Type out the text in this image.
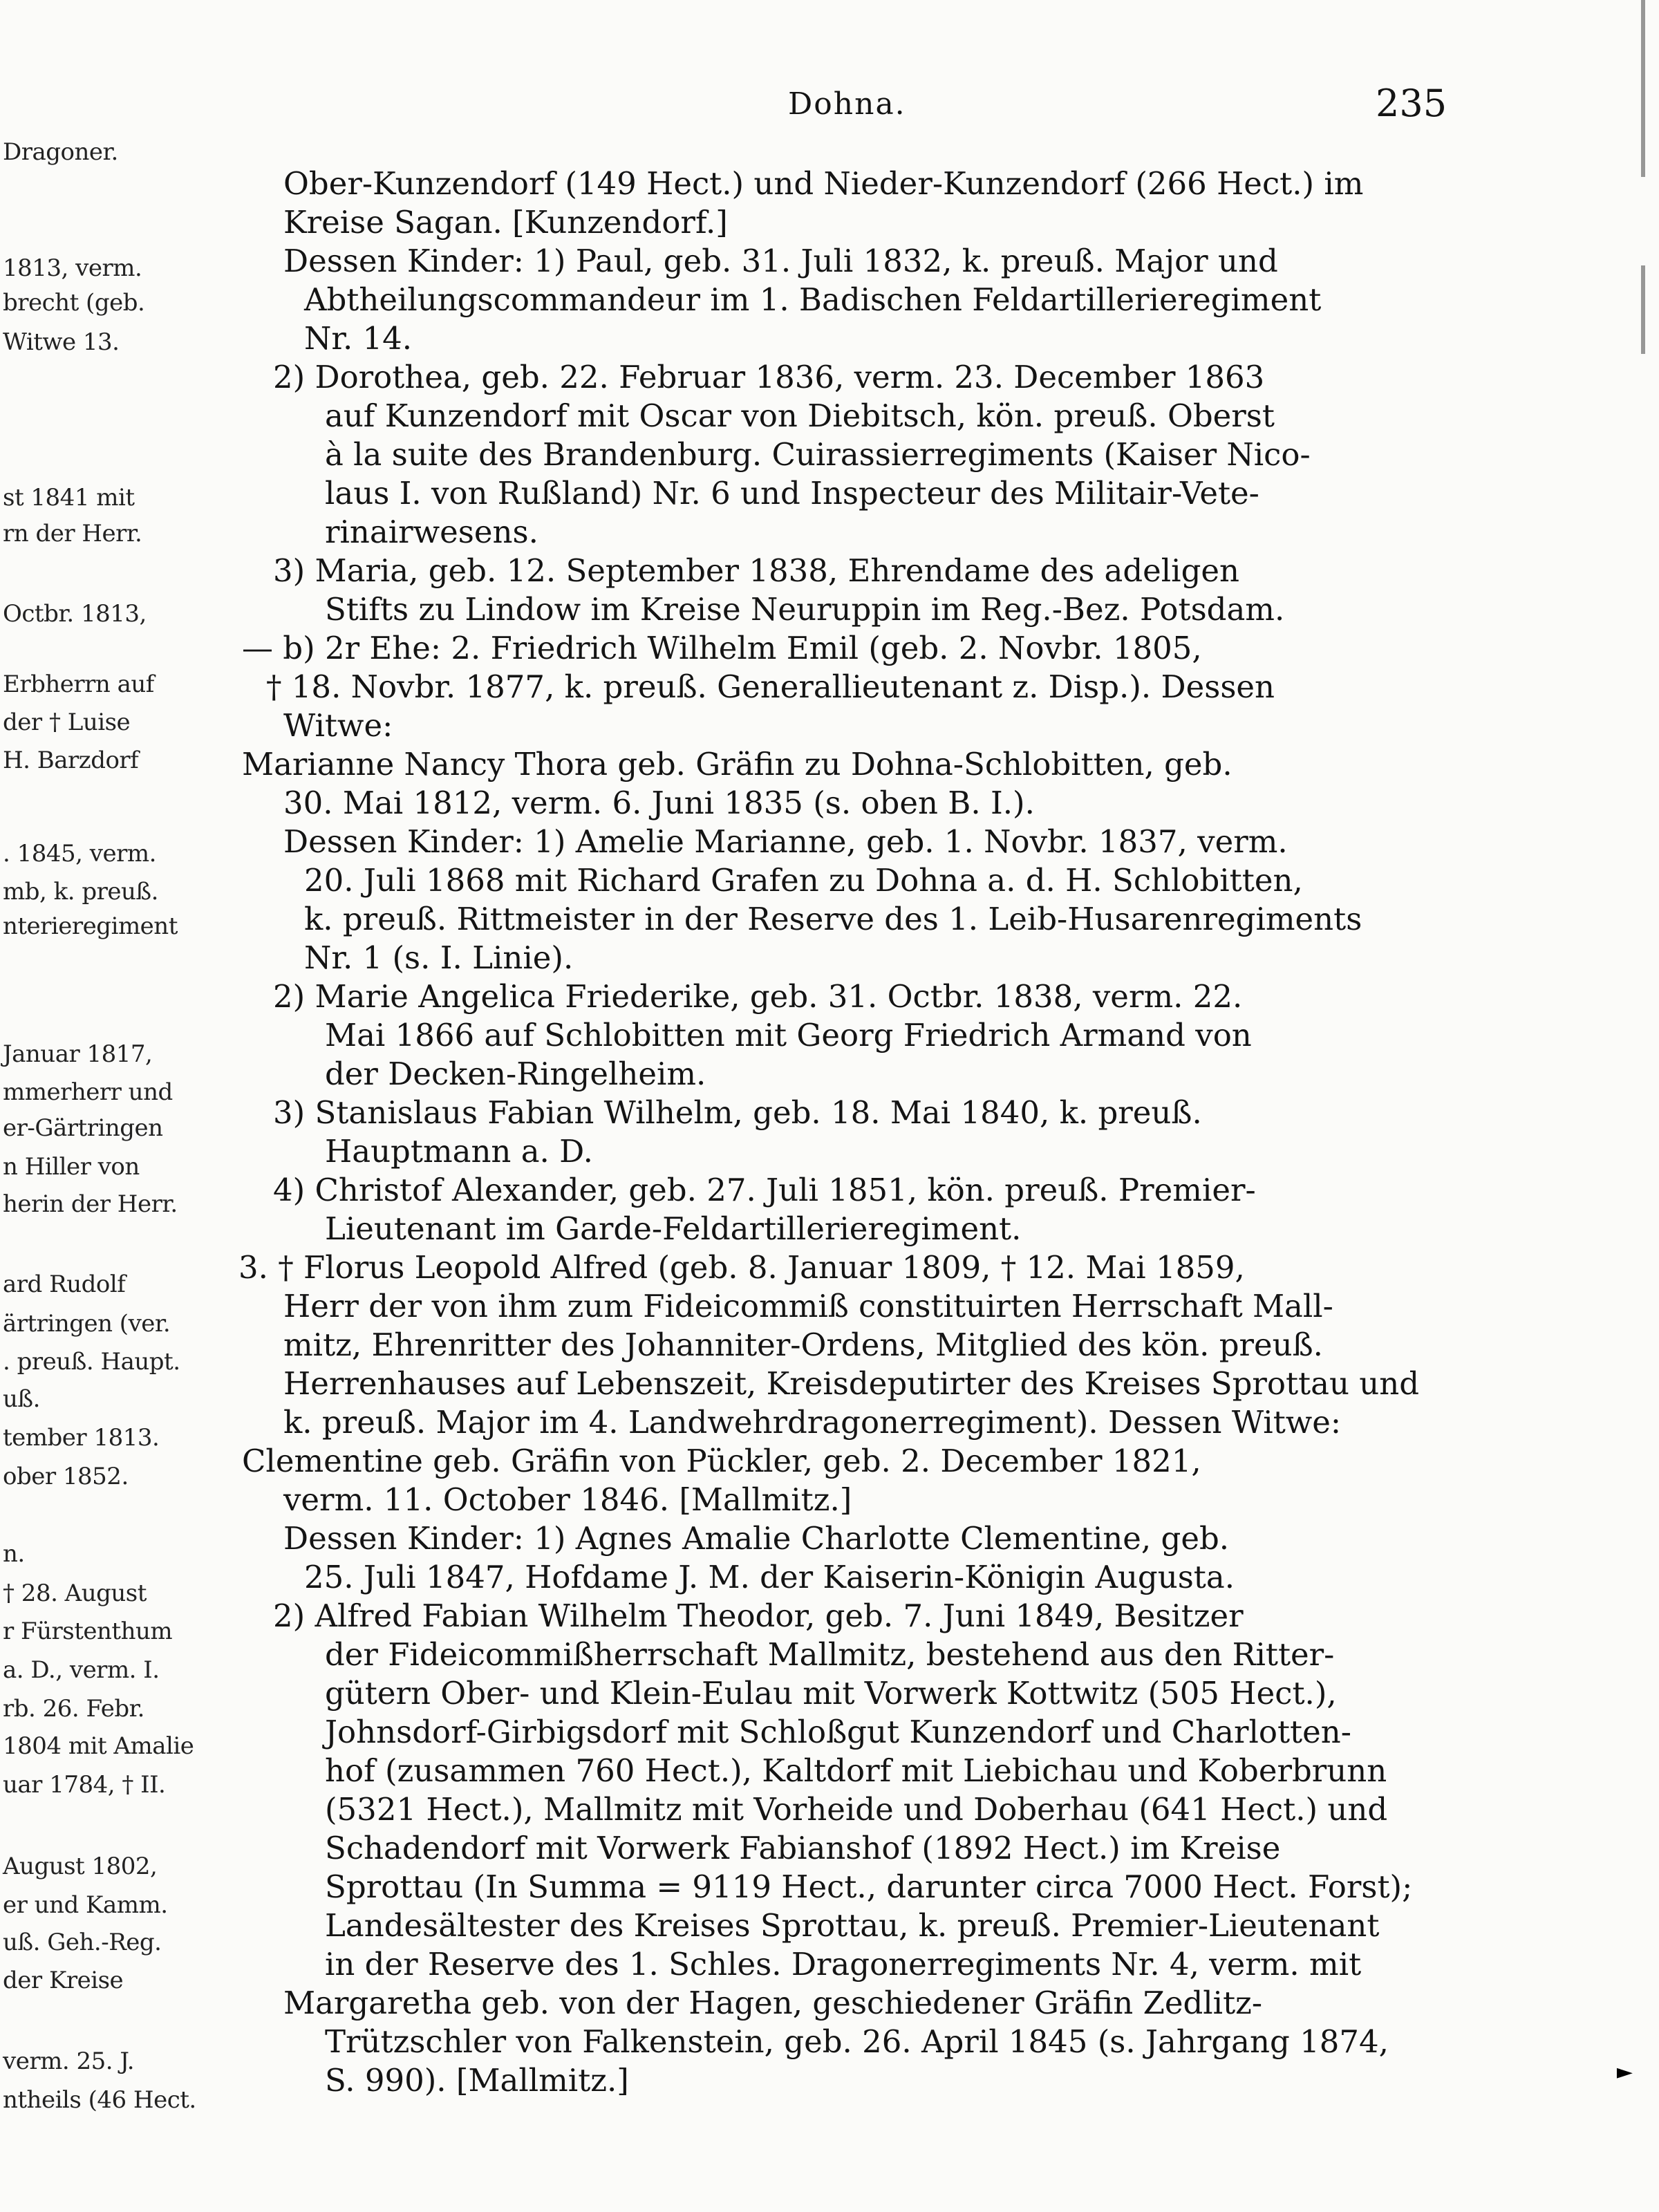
Dragoner.
1813, verm.
brecht (geb.
Witwe 13.
st 1841 mit
rn der Herr.
Octbr. 1813,
Erbherrn auf
der † Luise
H. Barzdorf
. 1845, verm.
mb, k. preuß.
nterieregiment
Januar 1817,
mmerherr und
er-Gärtringen
n Hiller von
herin der Herr.
ard Rudolf
ärtringen (ver.
. preuß. Haupt.
uß.
tember 1813.
ober 1852.
n.
† 28. August
r Fürstenthum
a. D., verm. I.
rb. 26. Febr.
1804 mit Amalie
uar 1784, † II.
August 1802,
er und Kamm.
uß. Geh.-Reg.
der Kreise
verm. 25. J.
ntheils (46 Hect.
Dohna.	235
Ober-Kunzendorf (149 Hect.) und Nieder-Kunzendorf (266 Hect.) im
Kreise Sagan. [Kunzendorf.]
Dessen Kinder: 1) Paul, geb. 31. Juli 1832, k. preuß. Major und
Abtheilungscommandeur im 1. Badischen Feldartillerieregiment
Nr. 14.
2) Dorothea, geb. 22. Februar 1836, verm. 23. December 1863
auf Kunzendorf mit Oscar von Diebitsch, kön. preuß. Oberst
à la suite des Brandenburg. Cuirassierregiments (Kaiser Nico-
laus I. von Rußland) Nr. 6 und Inspecteur des Militair-Vete-
rinairwesens.
3) Maria, geb. 12. September 1838, Ehrendame des adeligen
Stifts zu Lindow im Kreise Neuruppin im Reg.-Bez. Potsdam.
— b) 2r Ehe: 2. Friedrich Wilhelm Emil (geb. 2. Novbr. 1805,
† 18. Novbr. 1877, k. preuß. Generallieutenant z. Disp.). Dessen
Witwe:
Marianne Nancy Thora geb. Gräfin zu Dohna-Schlobitten, geb.
30. Mai 1812, verm. 6. Juni 1835 (s. oben B. I.).
Dessen Kinder: 1) Amelie Marianne, geb. 1. Novbr. 1837, verm.
20. Juli 1868 mit Richard Grafen zu Dohna a. d. H. Schlobitten,
k. preuß. Rittmeister in der Reserve des 1. Leib-Husarenregiments
Nr. 1 (s. I. Linie).
2) Marie Angelica Friederike, geb. 31. Octbr. 1838, verm. 22.
Mai 1866 auf Schlobitten mit Georg Friedrich Armand von
der Decken-Ringelheim.
3) Stanislaus Fabian Wilhelm, geb. 18. Mai 1840, k. preuß.
Hauptmann a. D.
4) Christof Alexander, geb. 27. Juli 1851, kön. preuß. Premier-
Lieutenant im Garde-Feldartillerieregiment.
3. † Florus Leopold Alfred (geb. 8. Januar 1809, † 12. Mai 1859,
Herr der von ihm zum Fideicommiß constituirten Herrschaft Mall-
mitz, Ehrenritter des Johanniter-Ordens, Mitglied des kön. preuß.
Herrenhauses auf Lebenszeit, Kreisdeputirter des Kreises Sprottau und
k. preuß. Major im 4. Landwehrdragonerregiment). Dessen Witwe:
Clementine geb. Gräfin von Pückler, geb. 2. December 1821,
verm. 11. October 1846. [Mallmitz.]
Dessen Kinder: 1) Agnes Amalie Charlotte Clementine, geb.
25. Juli 1847, Hofdame J. M. der Kaiserin-Königin Augusta.
2) Alfred Fabian Wilhelm Theodor, geb. 7. Juni 1849, Besitzer
der Fideicommißherrschaft Mallmitz, bestehend aus den Ritter-
gütern Ober- und Klein-Eulau mit Vorwerk Kottwitz (505 Hect.),
Johnsdorf-Girbigsdorf mit Schloßgut Kunzendorf und Charlotten-
hof (zusammen 760 Hect.), Kaltdorf mit Liebichau und Koberbrunn
(5321 Hect.), Mallmitz mit Vorheide und Doberhau (641 Hect.) und
Schadendorf mit Vorwerk Fabianshof (1892 Hect.) im Kreise
Sprottau (In Summa = 9119 Hect., darunter circa 7000 Hect. Forst);
Landesältester des Kreises Sprottau, k. preuß. Premier-Lieutenant
in der Reserve des 1. Schles. Dragonerregiments Nr. 4, verm. mit
Margaretha geb. von der Hagen, geschiedener Gräfin Zedlitz-
Trützschler von Falkenstein, geb. 26. April 1845 (s. Jahrgang 1874,
S. 990). [Mallmitz.]	►
